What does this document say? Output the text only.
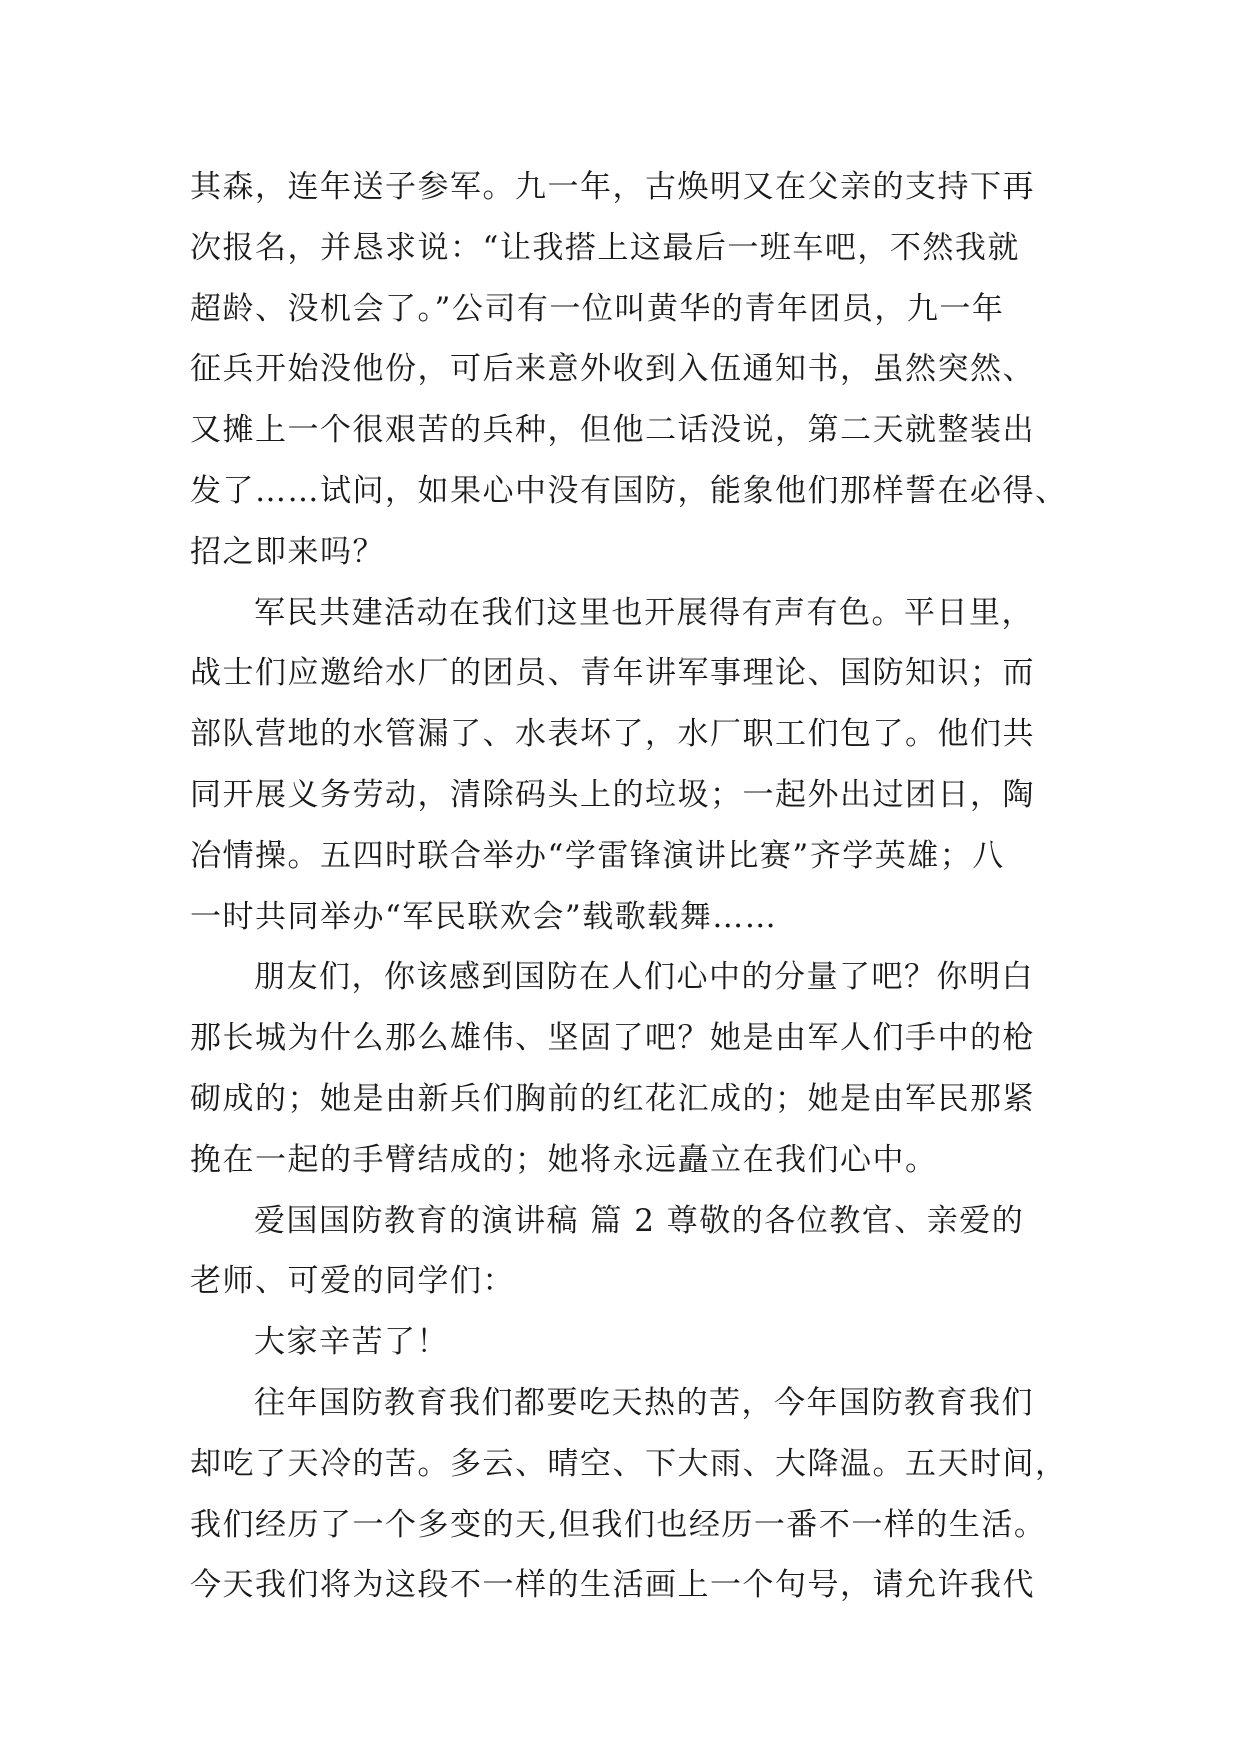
其森，连年送子参军。九一年，古焕明又在父亲的支持下再
次报名，并恳求说：“让我搭上这最后一班车吧，不然我就
超龄、没机会了。”公司有一位叫黄华的青年团员，九一年
征兵开始没他份，可后来意外收到入伍通知书，虽然突然、
又摊上一个很艰苦的兵种，但他二话没说，第二天就整装出
发了……试问，如果心中没有国防，能象他们那样誓在必得、
招之即来吗？
军民共建活动在我们这里也开展得有声有色。平日里，
战士们应邀给水厂的团员、青年讲军事理论、国防知识；而
部队营地的水管漏了、水表坏了，水厂职工们包了。他们共
同开展义务劳动，清除码头上的垃圾；一起外出过团日，陶
冶情操。五四时联合举办“学雷锋演讲比赛”齐学英雄；八
一时共同举办“军民联欢会”载歌载舞……
朋友们，你该感到国防在人们心中的分量了吧？你明白
那长城为什么那么雄伟、坚固了吧？她是由军人们手中的枪
砌成的；她是由新兵们胸前的红花汇成的；她是由军民那紧
挽在一起的手臂结成的；她将永远矗立在我们心中。
爱国国防教育的演讲稿 篇 2 尊敬的各位教官、亲爱的
老师、可爱的同学们：
大家辛苦了！
往年国防教育我们都要吃天热的苦，今年国防教育我们
却吃了天冷的苦。多云、晴空、下大雨、大降温。五天时间，
我们经历了一个多变的天,但我们也经历一番不一样的生活。
今天我们将为这段不一样的生活画上一个句号，请允许我代
